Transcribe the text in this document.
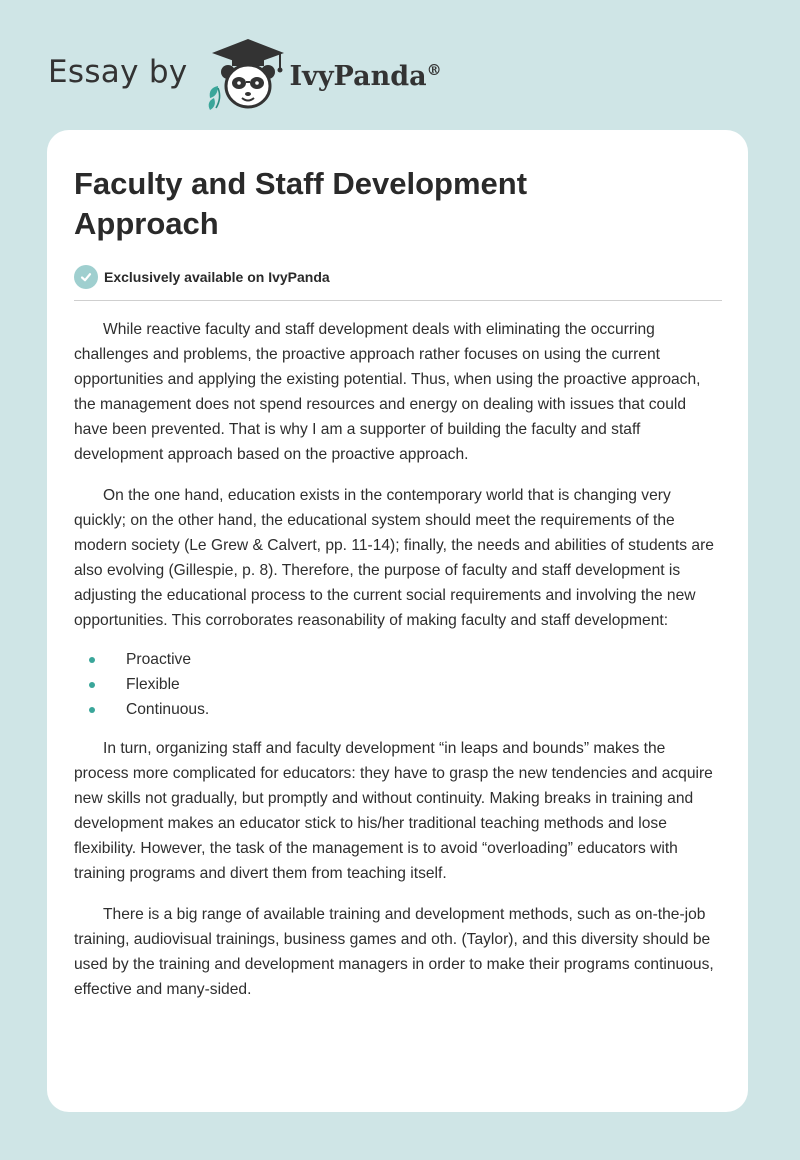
Essay by	IvyPanda®
Faculty and Staff Development Approach
Exclusively available on IvyPanda

While reactive faculty and staff development deals with eliminating the occurring challenges and problems, the proactive approach rather focuses on using the current opportunities and applying the existing potential. Thus, when using the proactive approach, the management does not spend resources and energy on dealing with issues that could have been prevented. That is why I am a supporter of building the faculty and staff development approach based on the proactive approach.

On the one hand, education exists in the contemporary world that is changing very quickly; on the other hand, the educational system should meet the requirements of the modern society (Le Grew & Calvert, pp. 11-14); finally, the needs and abilities of students are also evolving (Gillespie, p. 8). Therefore, the purpose of faculty and staff development is adjusting the educational process to the current social requirements and involving the new opportunities. This corroborates reasonability of making faculty and staff development:

Proactive
Flexible
Continuous.

In turn, organizing staff and faculty development “in leaps and bounds” makes the process more complicated for educators: they have to grasp the new tendencies and acquire new skills not gradually, but promptly and without continuity. Making breaks in training and development makes an educator stick to his/her traditional teaching methods and lose flexibility. However, the task of the management is to avoid “overloading” educators with training programs and divert them from teaching itself.

There is a big range of available training and development methods, such as on-the-job training, audiovisual trainings, business games and oth. (Taylor), and this diversity should be used by the training and development managers in order to make their programs continuous, effective and many-sided.
